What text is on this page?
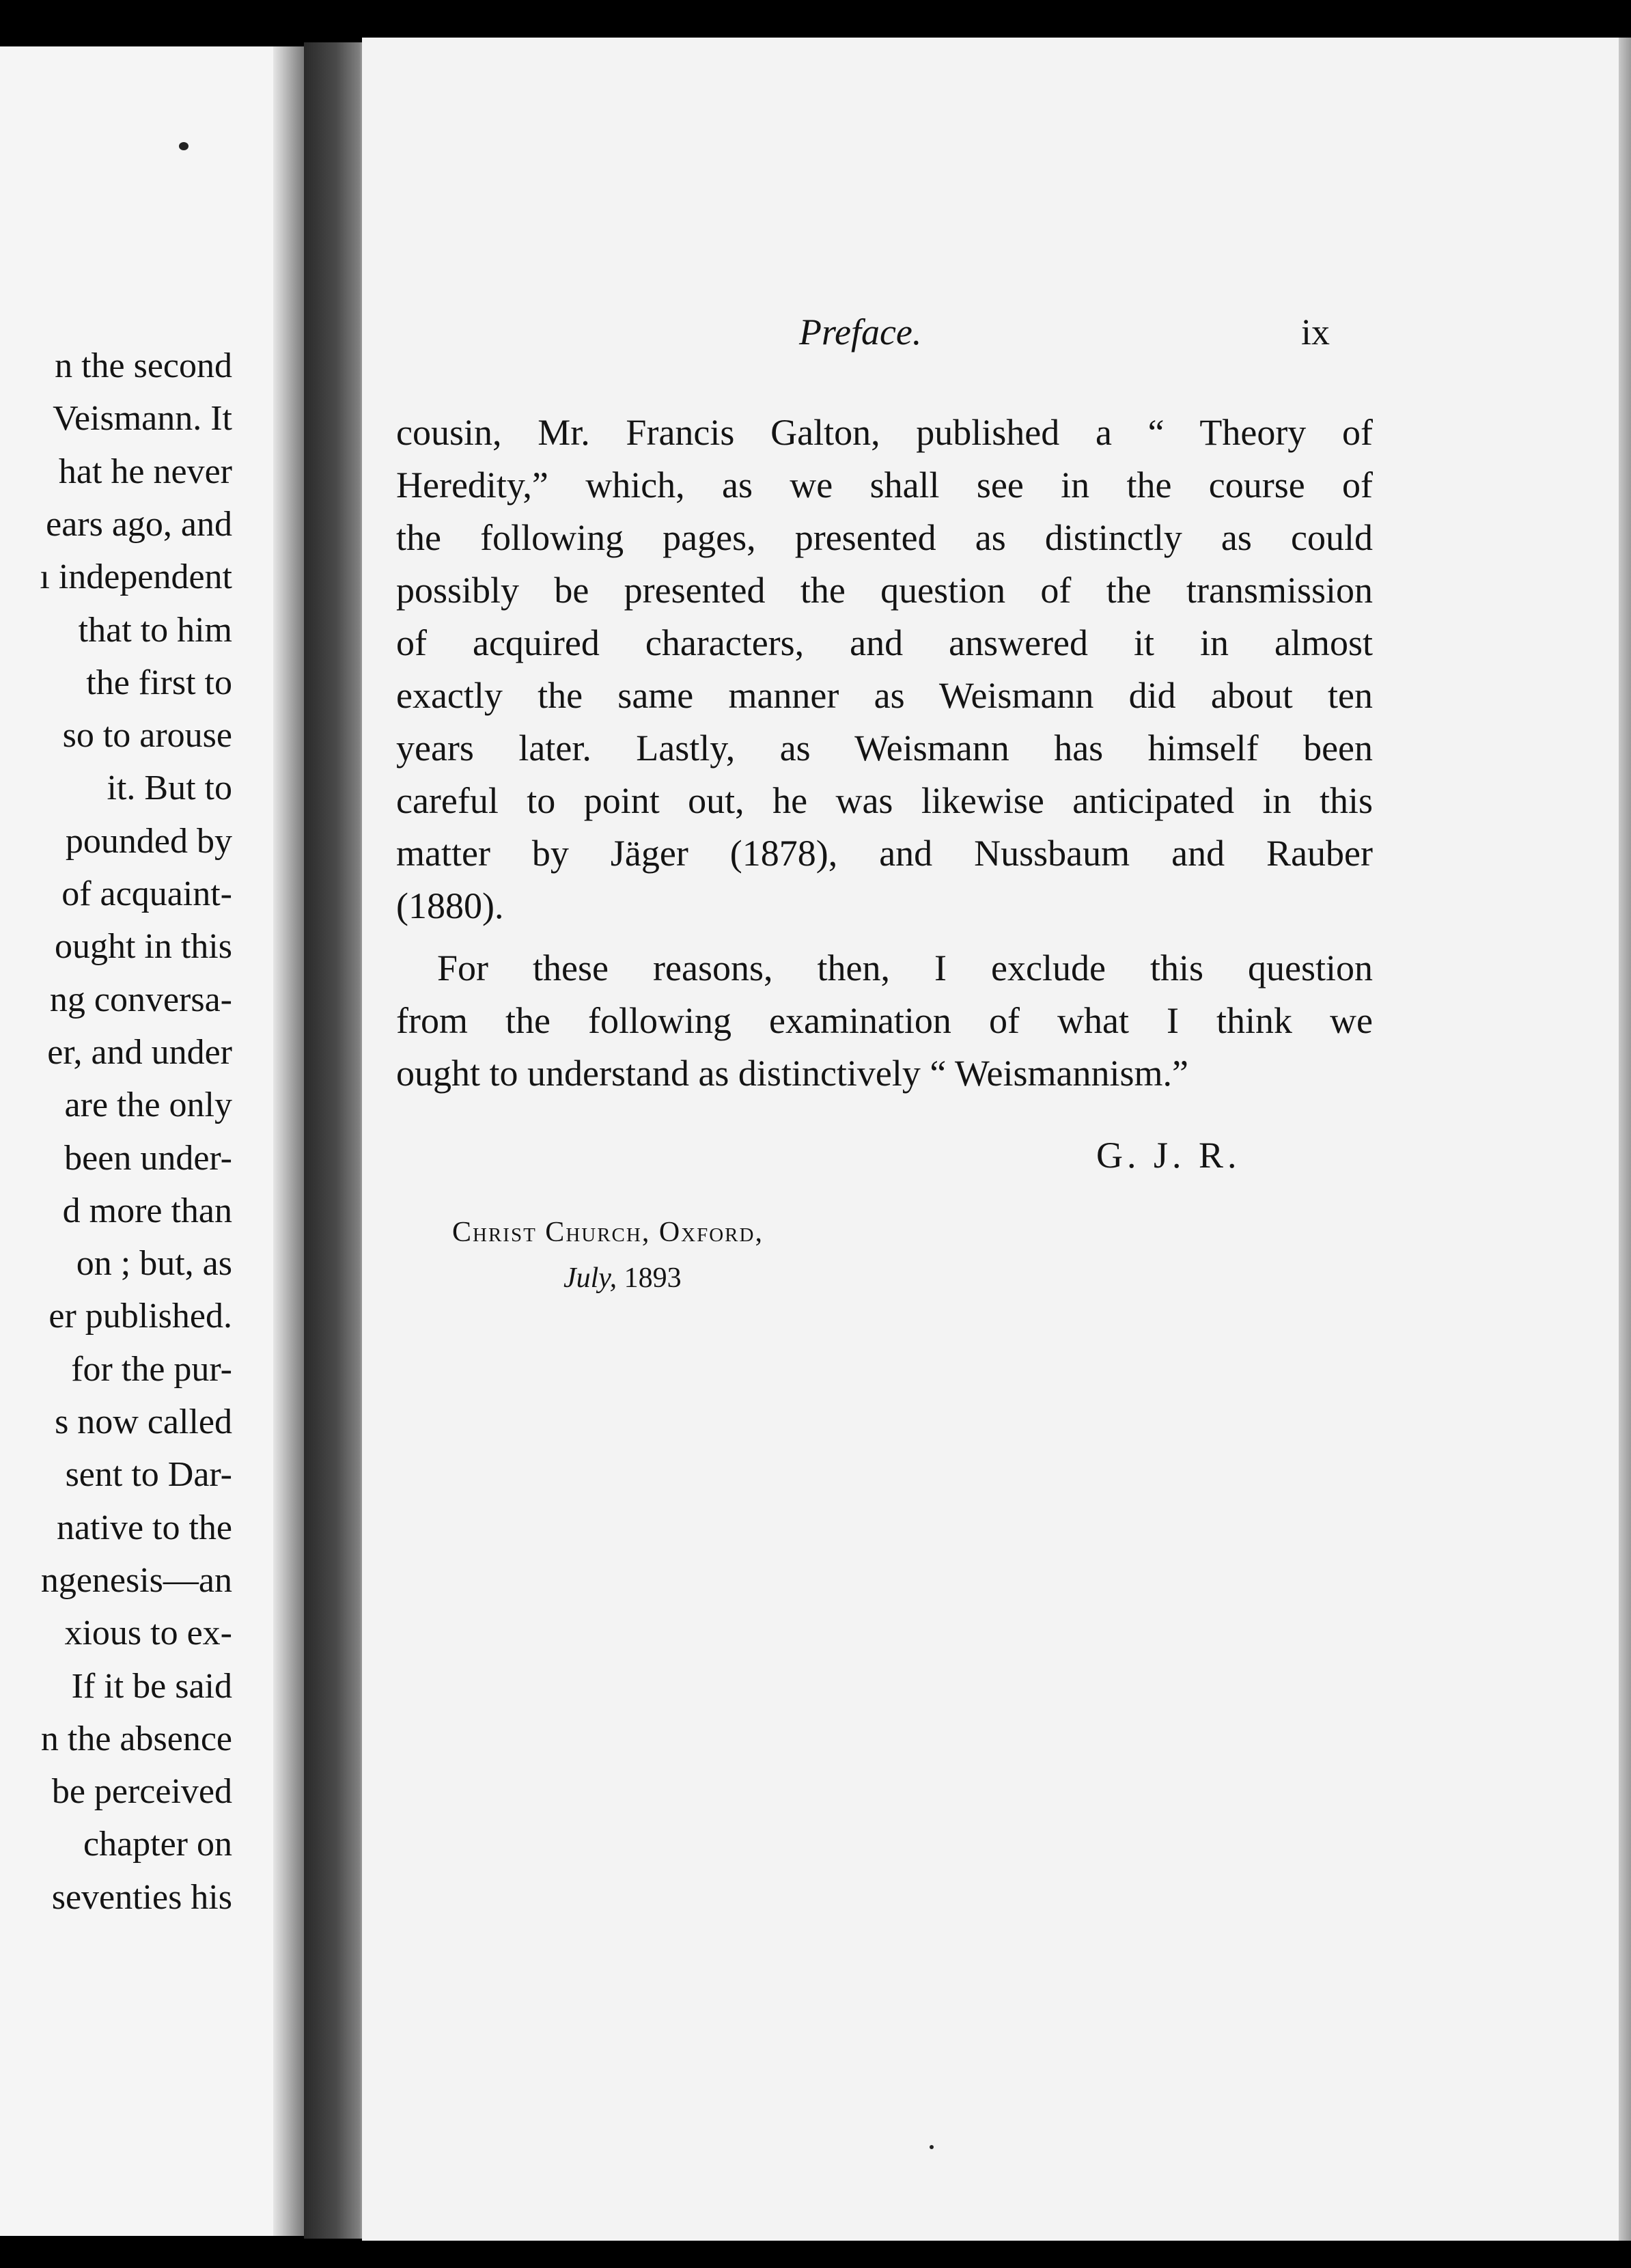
n the second
Veismann. It
hat he never
ears ago, and
ı independent
that to him
the first to
so to arouse
it. But to
pounded by
of acquaint-
ought in this
ng conversa-
er, and under
are the only
been under-
d more than
on ; but, as
er published.
for the pur-
s now called
sent to Dar-
native to the
ngenesis—an
xious to ex-
If it be said
n the absence
be perceived
chapter on
seventies his
Preface.	ix
cousin, Mr. Francis Galton, published a “ Theory of
Heredity,” which, as we shall see in the course of
the following pages, presented as distinctly as could
possibly be presented the question of the transmission
of acquired characters, and answered it in almost
exactly the same manner as Weismann did about ten
years later. Lastly, as Weismann has himself been
careful to point out, he was likewise anticipated in this
matter by Jäger (1878), and Nussbaum and Rauber
(1880).
For these reasons, then, I exclude this question
from the following examination of what I think we
ought to understand as distinctively “ Weismannism.”
G. J. R.
Christ Church, Oxford,
July, 1893
